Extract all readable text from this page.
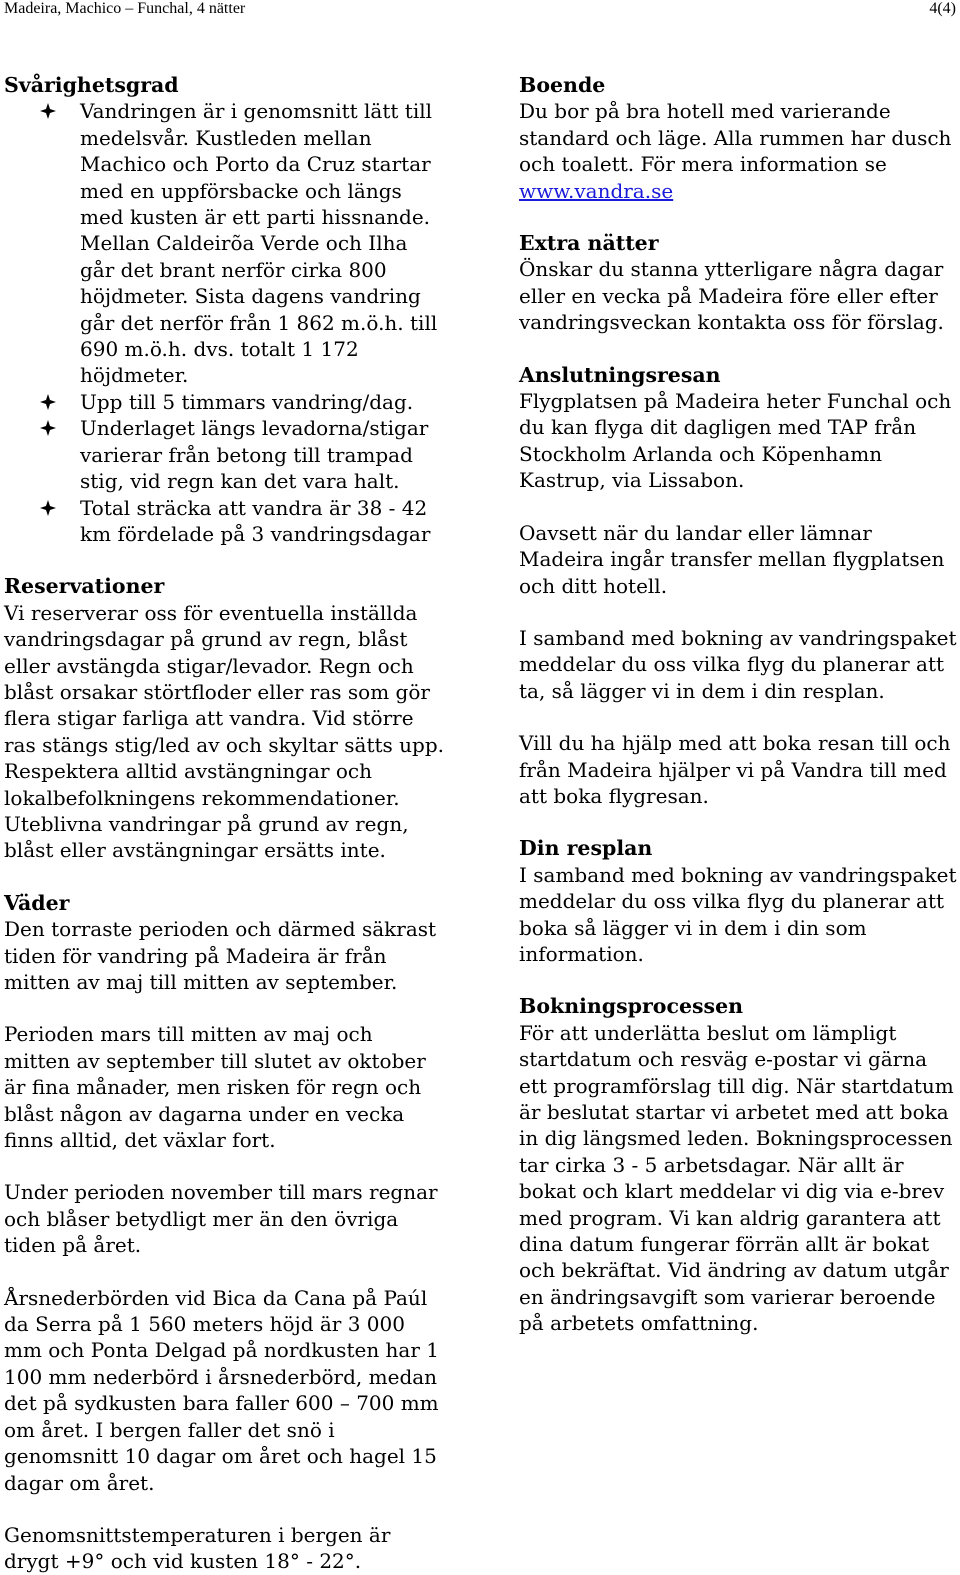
Madeira, Machico – Funchal, 4 nätter	4(4)
Svårighetsgrad
Vandringen är i genomsnitt lätt till medelsvår. Kustleden mellan Machico och Porto da Cruz startar med en uppförsbacke och längs med kusten är ett parti hissnande. Mellan Caldeirõa Verde och Ilha går det brant nerför cirka 800 höjdmeter. Sista dagens vandring går det nerför från 1 862 m.ö.h. till 690 m.ö.h. dvs. totalt 1 172 höjdmeter.
Upp till 5 timmars vandring/dag.
Underlaget längs levadorna/stigar varierar från betong till trampad stig, vid regn kan det vara halt.
Total sträcka att vandra är 38 - 42 km fördelade på 3 vandringsdagar
Reservationer

Vi reserverar oss för eventuella inställda vandringsdagar på grund av regn, blåst eller avstängda stigar/levador. Regn och blåst orsakar störtfloder eller ras som gör flera stigar farliga att vandra. Vid större ras stängs stig/led av och skyltar sätts upp. Respektera alltid avstängningar och lokalbefolkningens rekommendationer. Uteblivna vandringar på grund av regn, blåst eller avstängningar ersätts inte.

Väder

Den torraste perioden och därmed säkrast tiden för vandring på Madeira är från mitten av maj till mitten av september.

Perioden mars till mitten av maj och mitten av september till slutet av oktober är fina månader, men risken för regn och blåst någon av dagarna under en vecka finns alltid, det växlar fort.

Under perioden november till mars regnar och blåser betydligt mer än den övriga tiden på året.

Årsnederbörden vid Bica da Cana på Paúl da Serra på 1 560 meters höjd är 3 000 mm och Ponta Delgad på nordkusten har 1 100 mm nederbörd i årsnederbörd, medan det på sydkusten bara faller 600 – 700 mm om året. I bergen faller det snö i genomsnitt 10 dagar om året och hagel 15 dagar om året.

Genomsnittstemperaturen i bergen är drygt +9° och vid kusten 18° - 22°.

Boende

Du bor på bra hotell med varierande standard och läge. Alla rummen har dusch och toalett. För mera information se www.vandra.se

Extra nätter

Önskar du stanna ytterligare några dagar eller en vecka på Madeira före eller efter vandringsveckan kontakta oss för förslag.

Anslutningsresan

Flygplatsen på Madeira heter Funchal och du kan flyga dit dagligen med TAP från Stockholm Arlanda och Köpenhamn Kastrup, via Lissabon.

Oavsett när du landar eller lämnar Madeira ingår transfer mellan flygplatsen och ditt hotell.

I samband med bokning av vandringspaket meddelar du oss vilka flyg du planerar att ta, så lägger vi in dem i din resplan.

Vill du ha hjälp med att boka resan till och från Madeira hjälper vi på Vandra till med att boka flygresan.

Din resplan

I samband med bokning av vandringspaket meddelar du oss vilka flyg du planerar att boka så lägger vi in dem i din som information.

Bokningsprocessen

För att underlätta beslut om lämpligt startdatum och resväg e-postar vi gärna ett programförslag till dig. När startdatum är beslutat startar vi arbetet med att boka in dig längsmed leden. Bokningsprocessen tar cirka 3 - 5 arbetsdagar. När allt är bokat och klart meddelar vi dig via e-brev med program. Vi kan aldrig garantera att dina datum fungerar förrän allt är bokat och bekräftat. Vid ändring av datum utgår en ändringsavgift som varierar beroende på arbetets omfattning.
